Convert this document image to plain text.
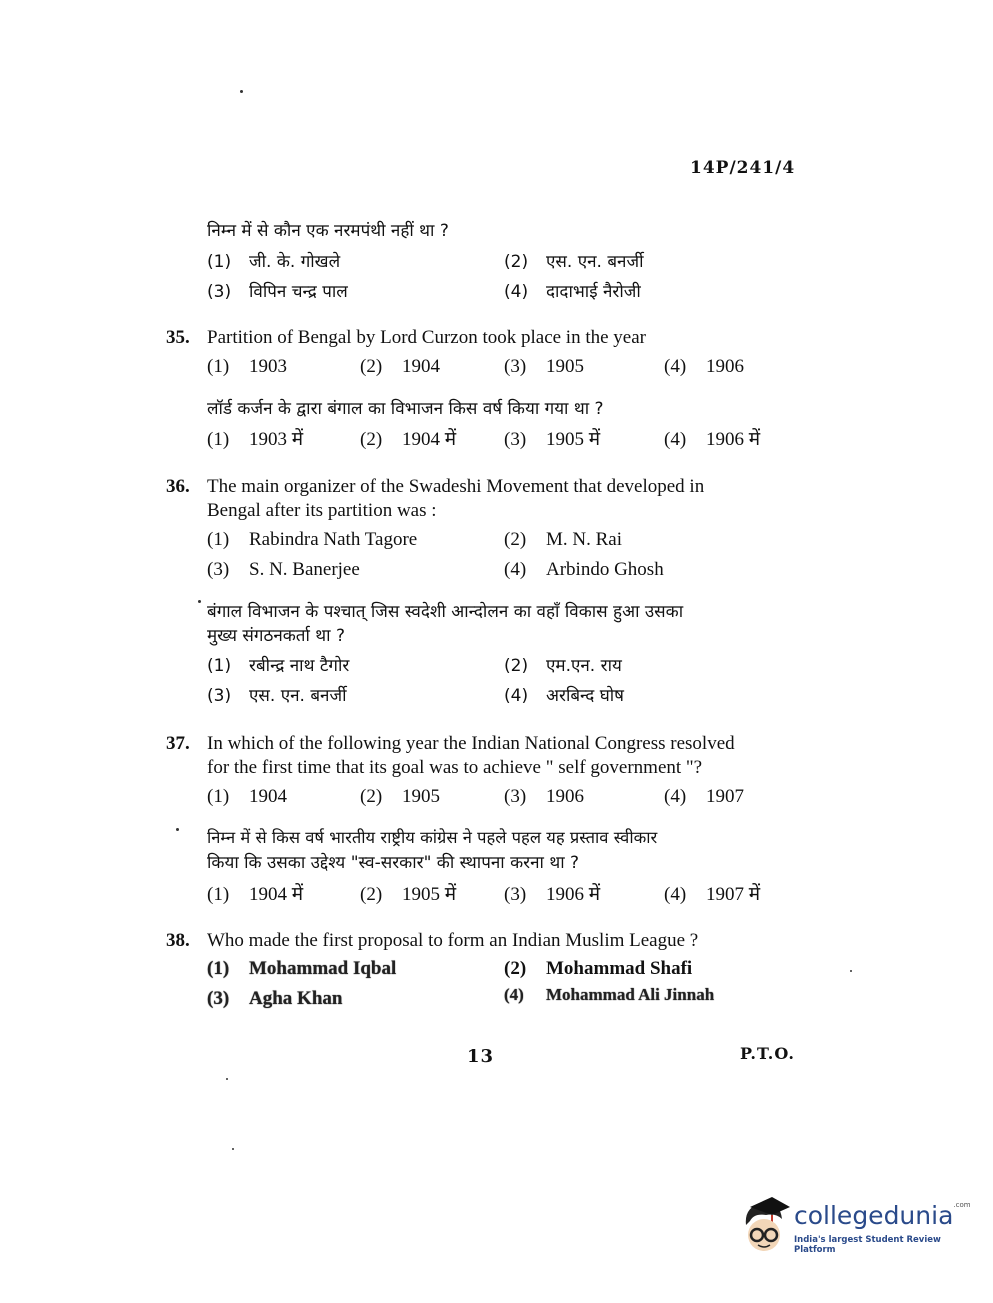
14P/241/4
निम्न में से कौन एक नरमपंथी नहीं था ?
(1) जी. के. गोखले	(2) एस. एन. बनर्जी
(3) विपिन चन्द्र पाल	(4) दादाभाई नैरोजी
35. Partition of Bengal by Lord Curzon took place in the year
(1) 1903	(2) 1904	(3) 1905	(4) 1906
लॉर्ड कर्जन के द्वारा बंगाल का विभाजन किस वर्ष किया गया था ?
(1) 1903 में	(2) 1904 में	(3) 1905 में	(4) 1906 में
36. The main organizer of the Swadeshi Movement that developed in
Bengal after its partition was :
(1) Rabindra Nath Tagore	(2) M. N. Rai
(3) S. N. Banerjee	(4) Arbindo Ghosh
बंगाल विभाजन के पश्चात् जिस स्वदेशी आन्दोलन का वहाँ विकास हुआ उसका
मुख्य संगठनकर्ता था ?
(1) रबीन्द्र नाथ टैगोर	(2) एम.एन. राय
(3) एस. एन. बनर्जी	(4) अरबिन्द घोष
37. In which of the following year the Indian National Congress resolved
for the first time that its goal was to achieve " self government "?
(1) 1904	(2) 1905	(3) 1906	(4) 1907
निम्न में से किस वर्ष भारतीय राष्ट्रीय कांग्रेस ने पहले पहल यह प्रस्ताव स्वीकार
किया कि उसका उद्देश्य "स्व-सरकार" की स्थापना करना था ?
(1) 1904 में	(2) 1905 में	(3) 1906 में	(4) 1907 में
38. Who made the first proposal to form an Indian Muslim League ?
(1) Mohammad Iqbal	(2) Mohammad Shafi
(3) Agha Khan	(4) Mohammad Ali Jinnah
13	P.T.O.
collegedunia$^{.com}$
India's largest Student Review Platform
